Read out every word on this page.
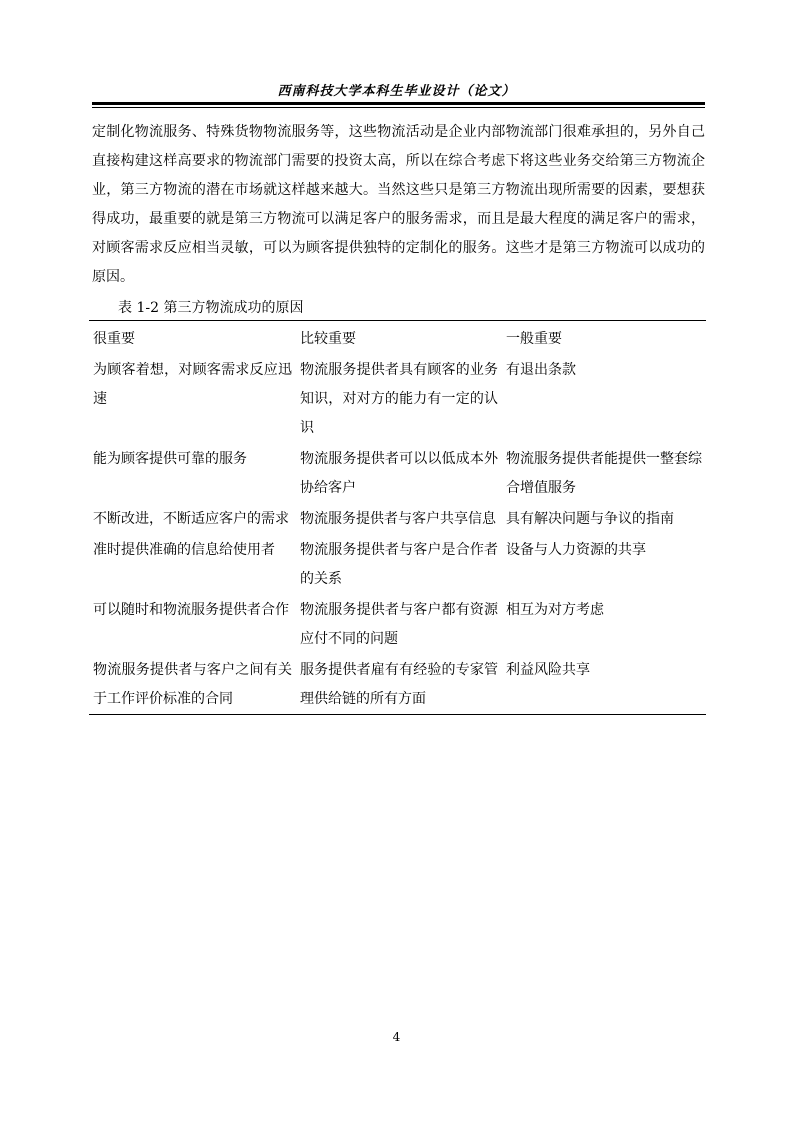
西南科技大学本科生毕业设计（论文）

定制化物流服务、特殊货物物流服务等，这些物流活动是企业内部物流部门很难承担的，另外自己直接构建这样高要求的物流部门需要的投资太高，所以在综合考虑下将这些业务交给第三方物流企业，第三方物流的潜在市场就这样越来越大。当然这些只是第三方物流出现所需要的因素，要想获得成功，最重要的就是第三方物流可以满足客户的服务需求，而且是最大程度的满足客户的需求，对顾客需求反应相当灵敏，可以为顾客提供独特的定制化的服务。这些才是第三方物流可以成功的原因。

表 1-2 第三方物流成功的原因
很重要	比较重要	一般重要
为顾客着想，对顾客需求反应迅速	物流服务提供者具有顾客的业务知识，对对方的能力有一定的认识	有退出条款
能为顾客提供可靠的服务	物流服务提供者可以以低成本外协给客户	物流服务提供者能提供一整套综合增值服务
不断改进，不断适应客户的需求	物流服务提供者与客户共享信息	具有解决问题与争议的指南
准时提供准确的信息给使用者	物流服务提供者与客户是合作者的关系	设备与人力资源的共享
可以随时和物流服务提供者合作	物流服务提供者与客户都有资源应付不同的问题	相互为对方考虑
物流服务提供者与客户之间有关于工作评价标准的合同	服务提供者雇有有经验的专家管理供给链的所有方面	利益风险共享
4
